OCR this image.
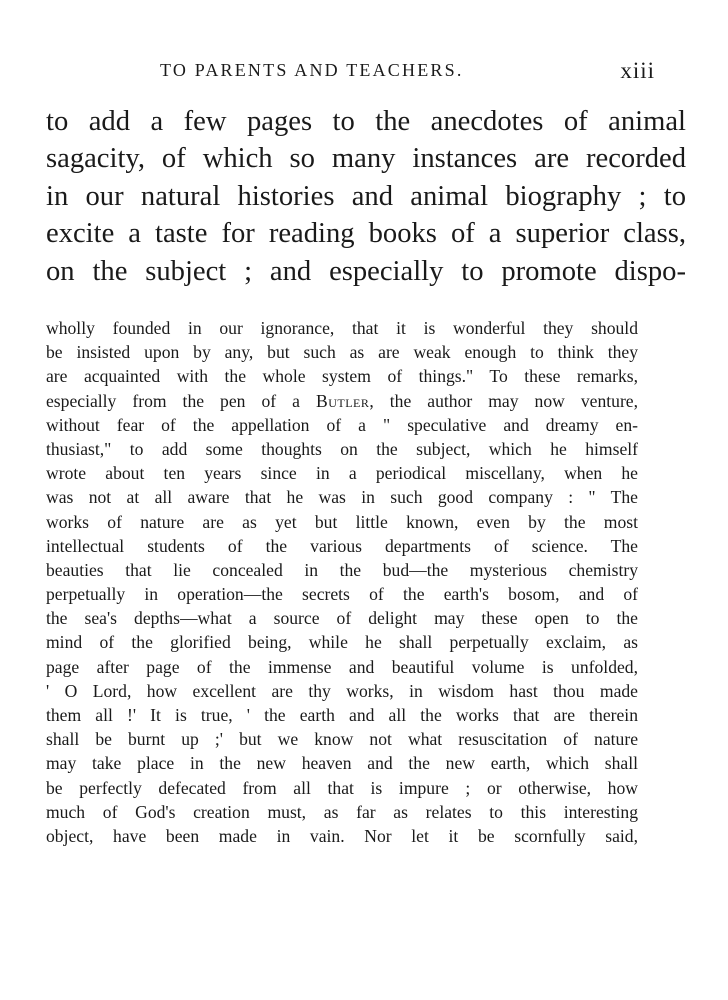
TO PARENTS AND TEACHERS.	xiii
to add a few pages to the anecdotes of animal
sagacity, of which so many instances are recorded
in our natural histories and animal biography ; to
excite a taste for reading books of a superior class,
on the subject ; and especially to promote dispo-
wholly founded in our ignorance, that it is wonderful they should
be insisted upon by any, but such as are weak enough to think they
are acquainted with the whole system of things." To these remarks,
especially from the pen of a Butler, the author may now venture,
without fear of the appellation of a " speculative and dreamy en-
thusiast," to add some thoughts on the subject, which he himself
wrote about ten years since in a periodical miscellany, when he
was not at all aware that he was in such good company : " The
works of nature are as yet but little known, even by the most
intellectual students of the various departments of science. The
beauties that lie concealed in the bud—the mysterious chemistry
perpetually in operation—the secrets of the earth's bosom, and of
the sea's depths—what a source of delight may these open to the
mind of the glorified being, while he shall perpetually exclaim, as
page after page of the immense and beautiful volume is unfolded,
' O Lord, how excellent are thy works, in wisdom hast thou made
them all !' It is true, ' the earth and all the works that are therein
shall be burnt up ;' but we know not what resuscitation of nature
may take place in the new heaven and the new earth, which shall
be perfectly defecated from all that is impure ; or otherwise, how
much of God's creation must, as far as relates to this interesting
object, have been made in vain. Nor let it be scornfully said,
